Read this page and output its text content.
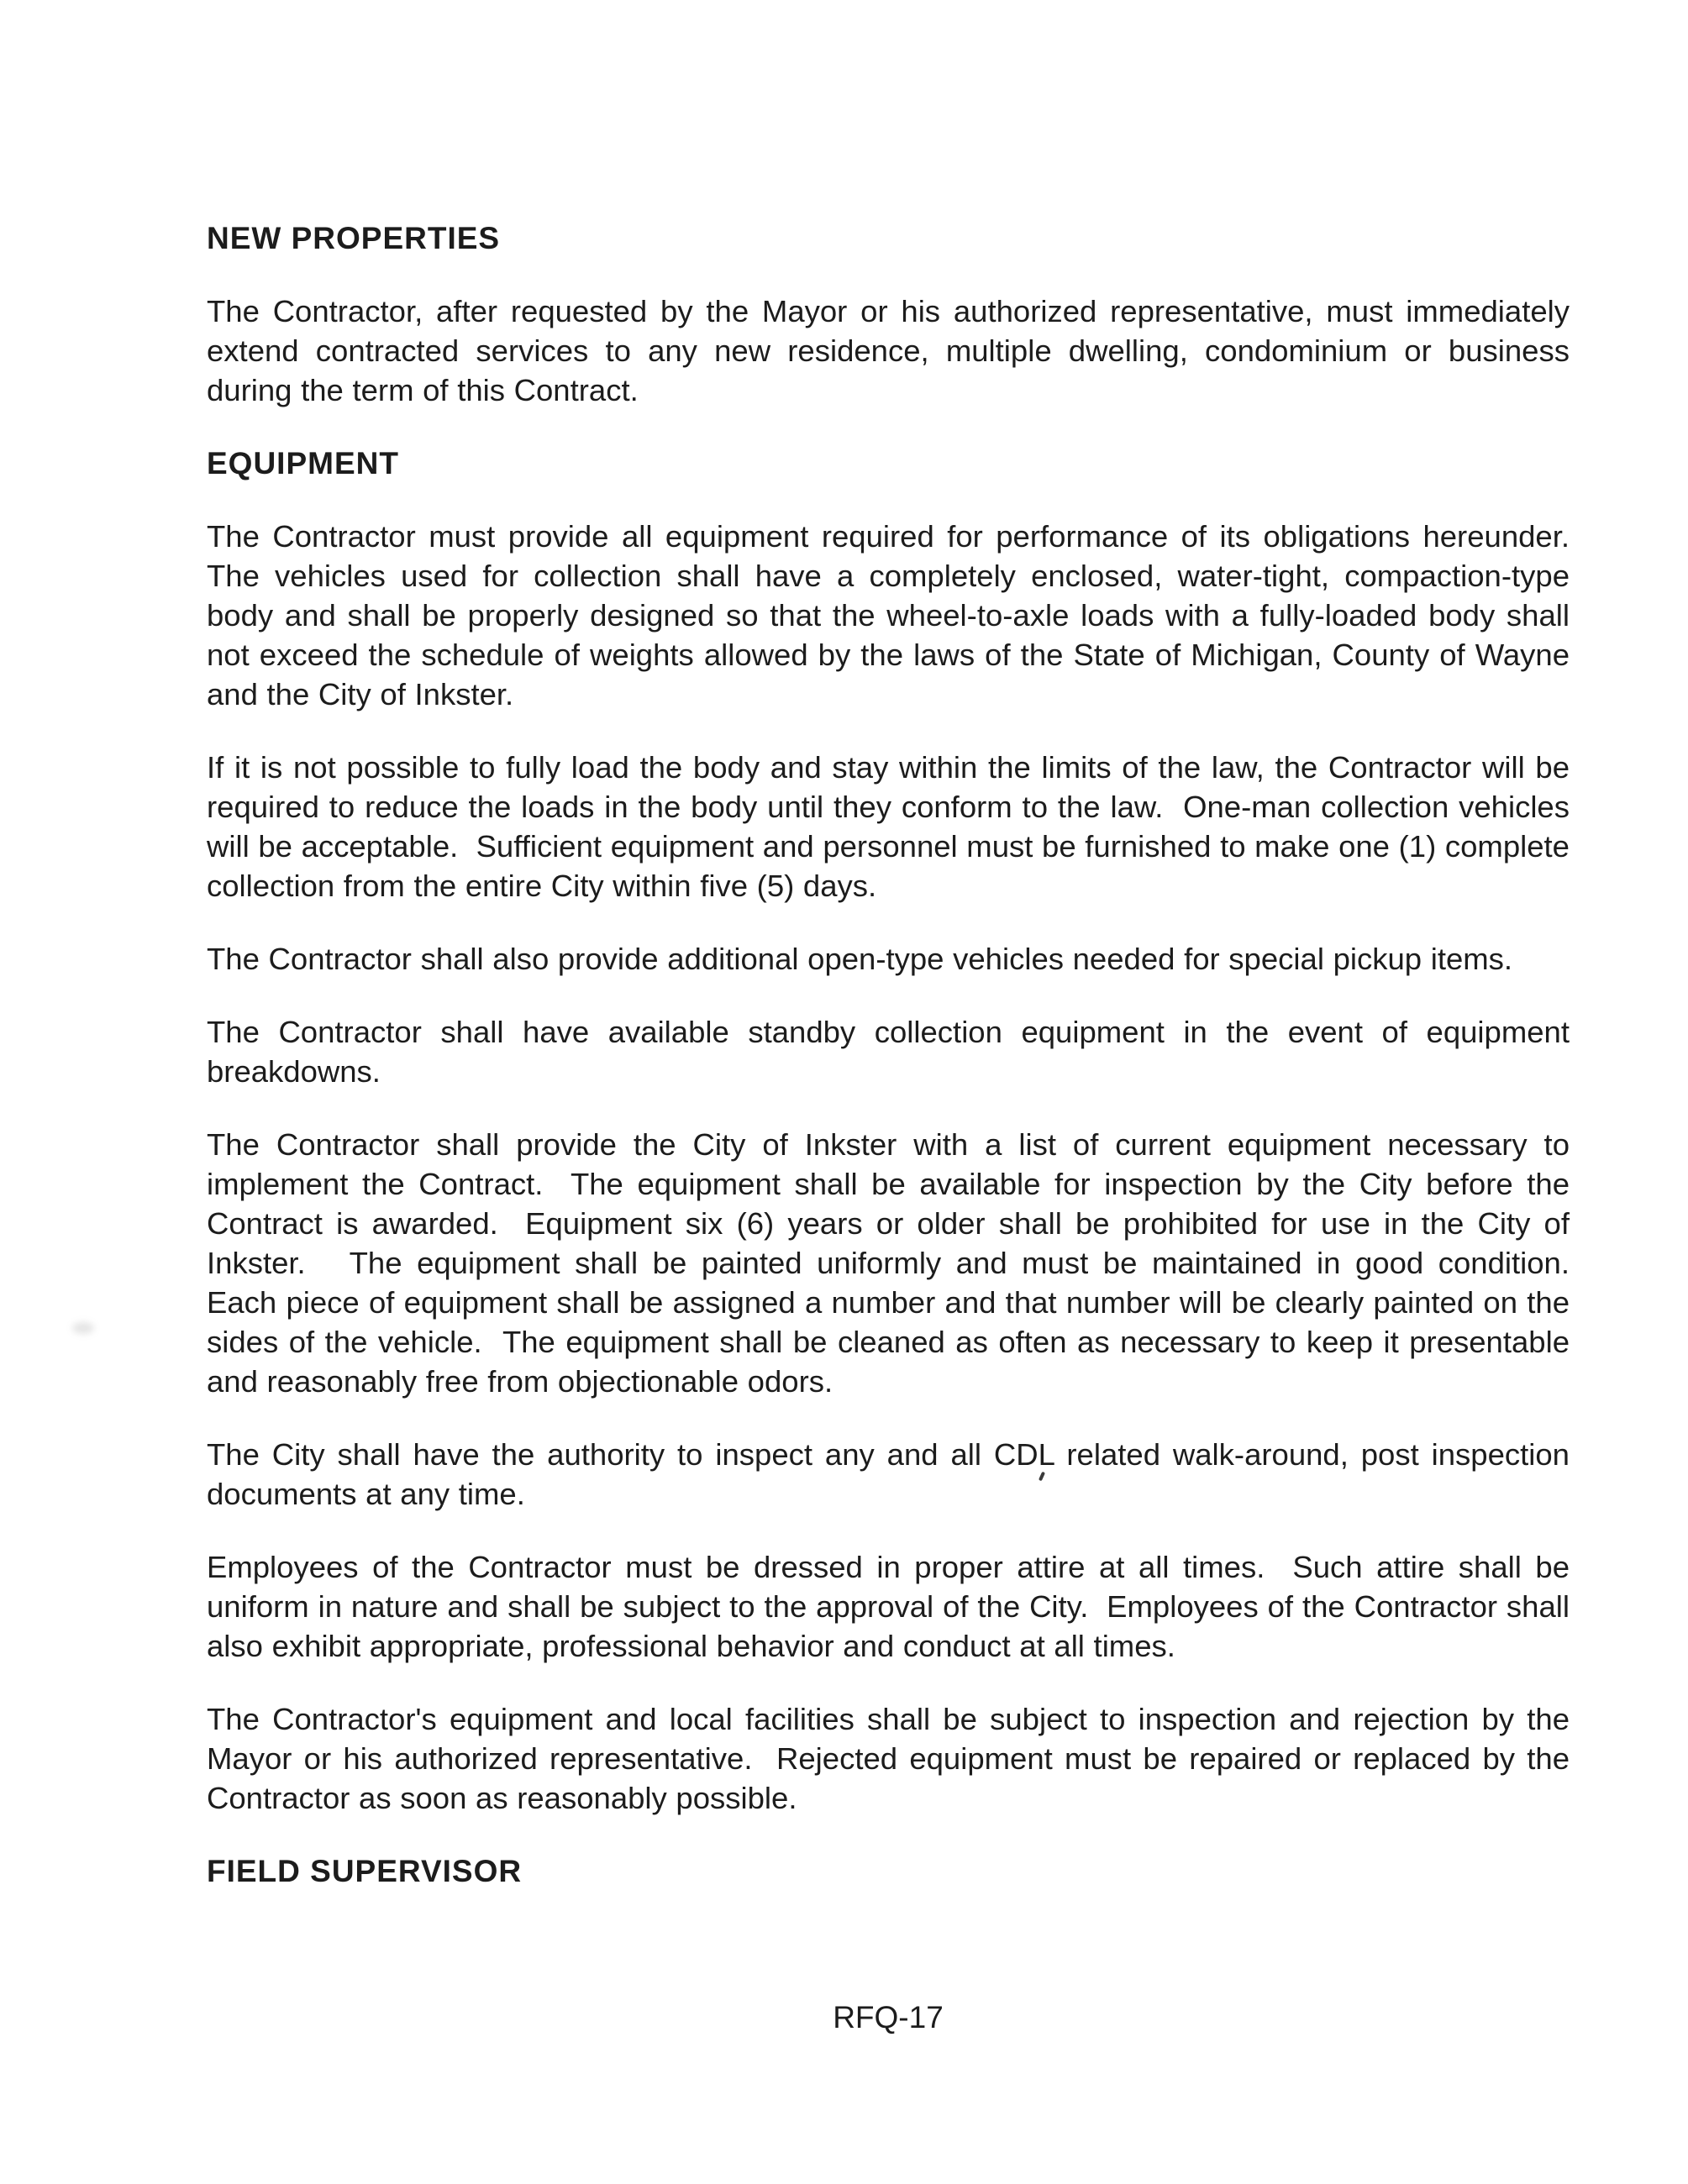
NEW PROPERTIES

The Contractor, after requested by the Mayor or his authorized representative, must immediately extend contracted services to any new residence, multiple dwelling, condominium or business during the term of this Contract.

EQUIPMENT

The Contractor must provide all equipment required for performance of its obligations hereunder.  The vehicles used for collection shall have a completely enclosed, water-tight, compaction-type body and shall be properly designed so that the wheel-to-axle loads with a fully-loaded body shall not exceed the schedule of weights allowed by the laws of the State of Michigan, County of Wayne and the City of Inkster.

If it is not possible to fully load the body and stay within the limits of the law, the Contractor will be required to reduce the loads in the body until they conform to the law.  One-man collection vehicles will be acceptable.  Sufficient equipment and personnel must be furnished to make one (1) complete collection from the entire City within five (5) days.

The Contractor shall also provide additional open-type vehicles needed for special pickup items.

The Contractor shall have available standby collection equipment in the event of equipment breakdowns.

The Contractor shall provide the City of Inkster with a list of current equipment necessary to implement the Contract.  The equipment shall be available for inspection by the City before the Contract is awarded.  Equipment six (6) years or older shall be prohibited for use in the City of Inkster.   The equipment shall be painted uniformly and must be maintained in good condition.  Each piece of equipment shall be assigned a number and that number will be clearly painted on the sides of the vehicle.  The equipment shall be cleaned as often as necessary to keep it presentable and reasonably free from objectionable odors.

The City shall have the authority to inspect any and all CDL related walk-around, post inspection documents at any time.

Employees of the Contractor must be dressed in proper attire at all times.  Such attire shall be uniform in nature and shall be subject to the approval of the City.  Employees of the Contractor shall also exhibit appropriate, professional behavior and conduct at all times.

The Contractor's equipment and local facilities shall be subject to inspection and rejection by the Mayor or his authorized representative.  Rejected equipment must be repaired or replaced by the Contractor as soon as reasonably possible.

FIELD SUPERVISOR
RFQ-17
